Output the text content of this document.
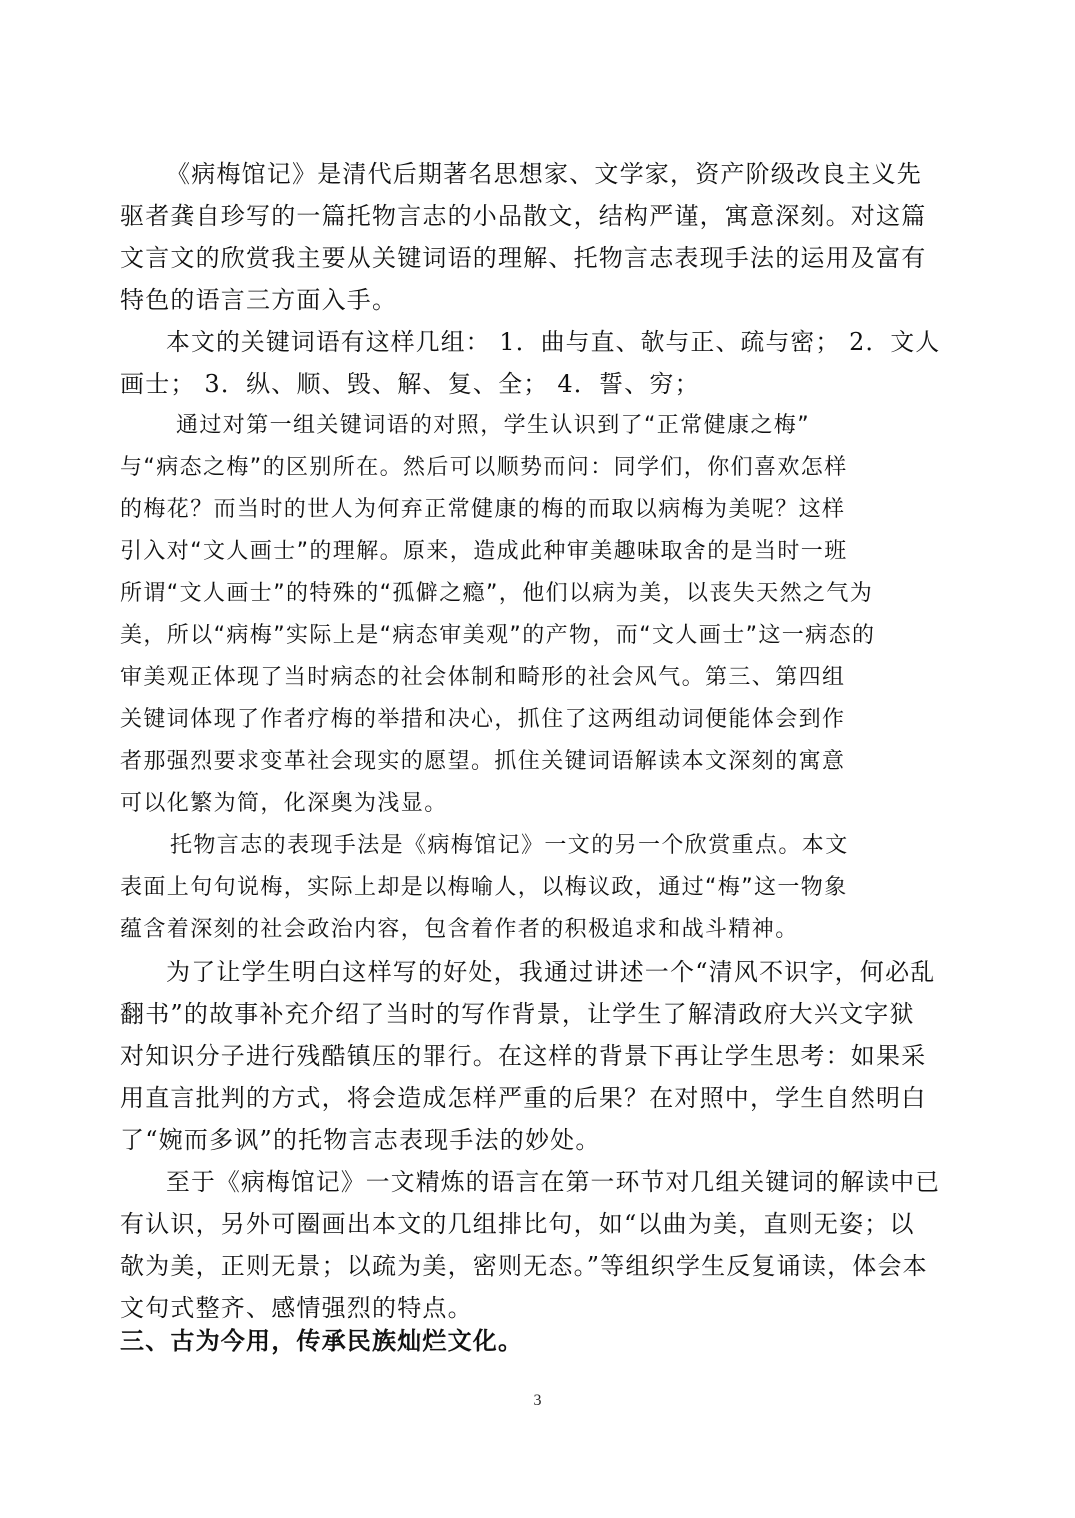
《病梅馆记》是清代后期著名思想家、文学家，资产阶级改良主义先
驱者龚自珍写的一篇托物言志的小品散文，结构严谨，寓意深刻。对这篇
文言文的欣赏我主要从关键词语的理解、托物言志表现手法的运用及富有
特色的语言三方面入手。
本文的关键词语有这样几组： 1．曲与直、欹与正、疏与密； 2．文人
画士； 3．纵、顺、毁、解、复、全； 4．誓、穷；
通过对第一组关键词语的对照，学生认识到了“正常健康之梅”
与“病态之梅”的区别所在。然后可以顺势而问：同学们，你们喜欢怎样
的梅花？而当时的世人为何弃正常健康的梅的而取以病梅为美呢？这样
引入对“文人画士”的理解。原来，造成此种审美趣味取舍的是当时一班
所谓“文人画士”的特殊的“孤僻之瘾”，他们以病为美，以丧失天然之气为
美，所以“病梅”实际上是“病态审美观”的产物，而“文人画士”这一病态的
审美观正体现了当时病态的社会体制和畸形的社会风气。第三、第四组
关键词体现了作者疗梅的举措和决心，抓住了这两组动词便能体会到作
者那强烈要求变革社会现实的愿望。抓住关键词语解读本文深刻的寓意
可以化繁为简，化深奥为浅显。
托物言志的表现手法是《病梅馆记》一文的另一个欣赏重点。本文
表面上句句说梅，实际上却是以梅喻人，以梅议政，通过“梅”这一物象
蕴含着深刻的社会政治内容，包含着作者的积极追求和战斗精神。
为了让学生明白这样写的好处，我通过讲述一个“清风不识字，何必乱
翻书”的故事补充介绍了当时的写作背景，让学生了解清政府大兴文字狱
对知识分子进行残酷镇压的罪行。在这样的背景下再让学生思考：如果采
用直言批判的方式，将会造成怎样严重的后果？在对照中，学生自然明白
了“婉而多讽”的托物言志表现手法的妙处。
至于《病梅馆记》一文精炼的语言在第一环节对几组关键词的解读中已
有认识，另外可圈画出本文的几组排比句，如“以曲为美，直则无姿；以
欹为美，正则无景；以疏为美，密则无态。”等组织学生反复诵读，体会本
文句式整齐、感情强烈的特点。
三、古为今用，传承民族灿烂文化。
3
